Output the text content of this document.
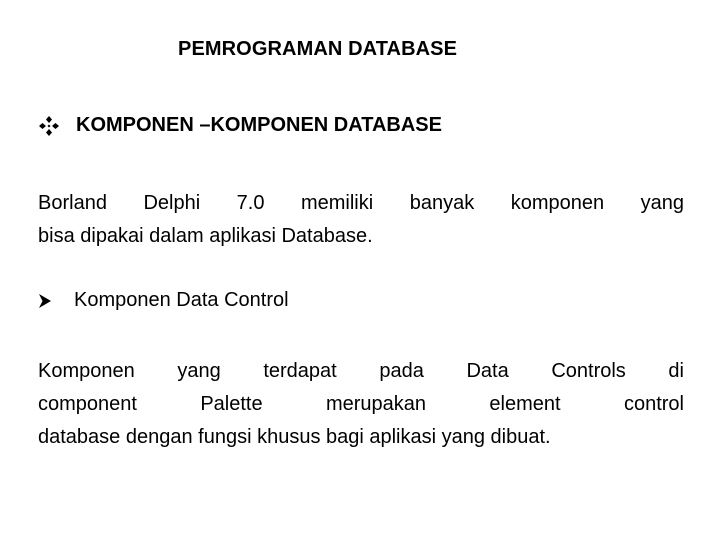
PEMROGRAMAN DATABASE
KOMPONEN –KOMPONEN DATABASE
Borland Delphi 7.0 memiliki banyak komponen yang
bisa dipakai dalam aplikasi Database.
Komponen Data Control
Komponen yang terdapat pada Data Controls di
component Palette merupakan element control
database dengan fungsi khusus bagi aplikasi yang dibuat.
